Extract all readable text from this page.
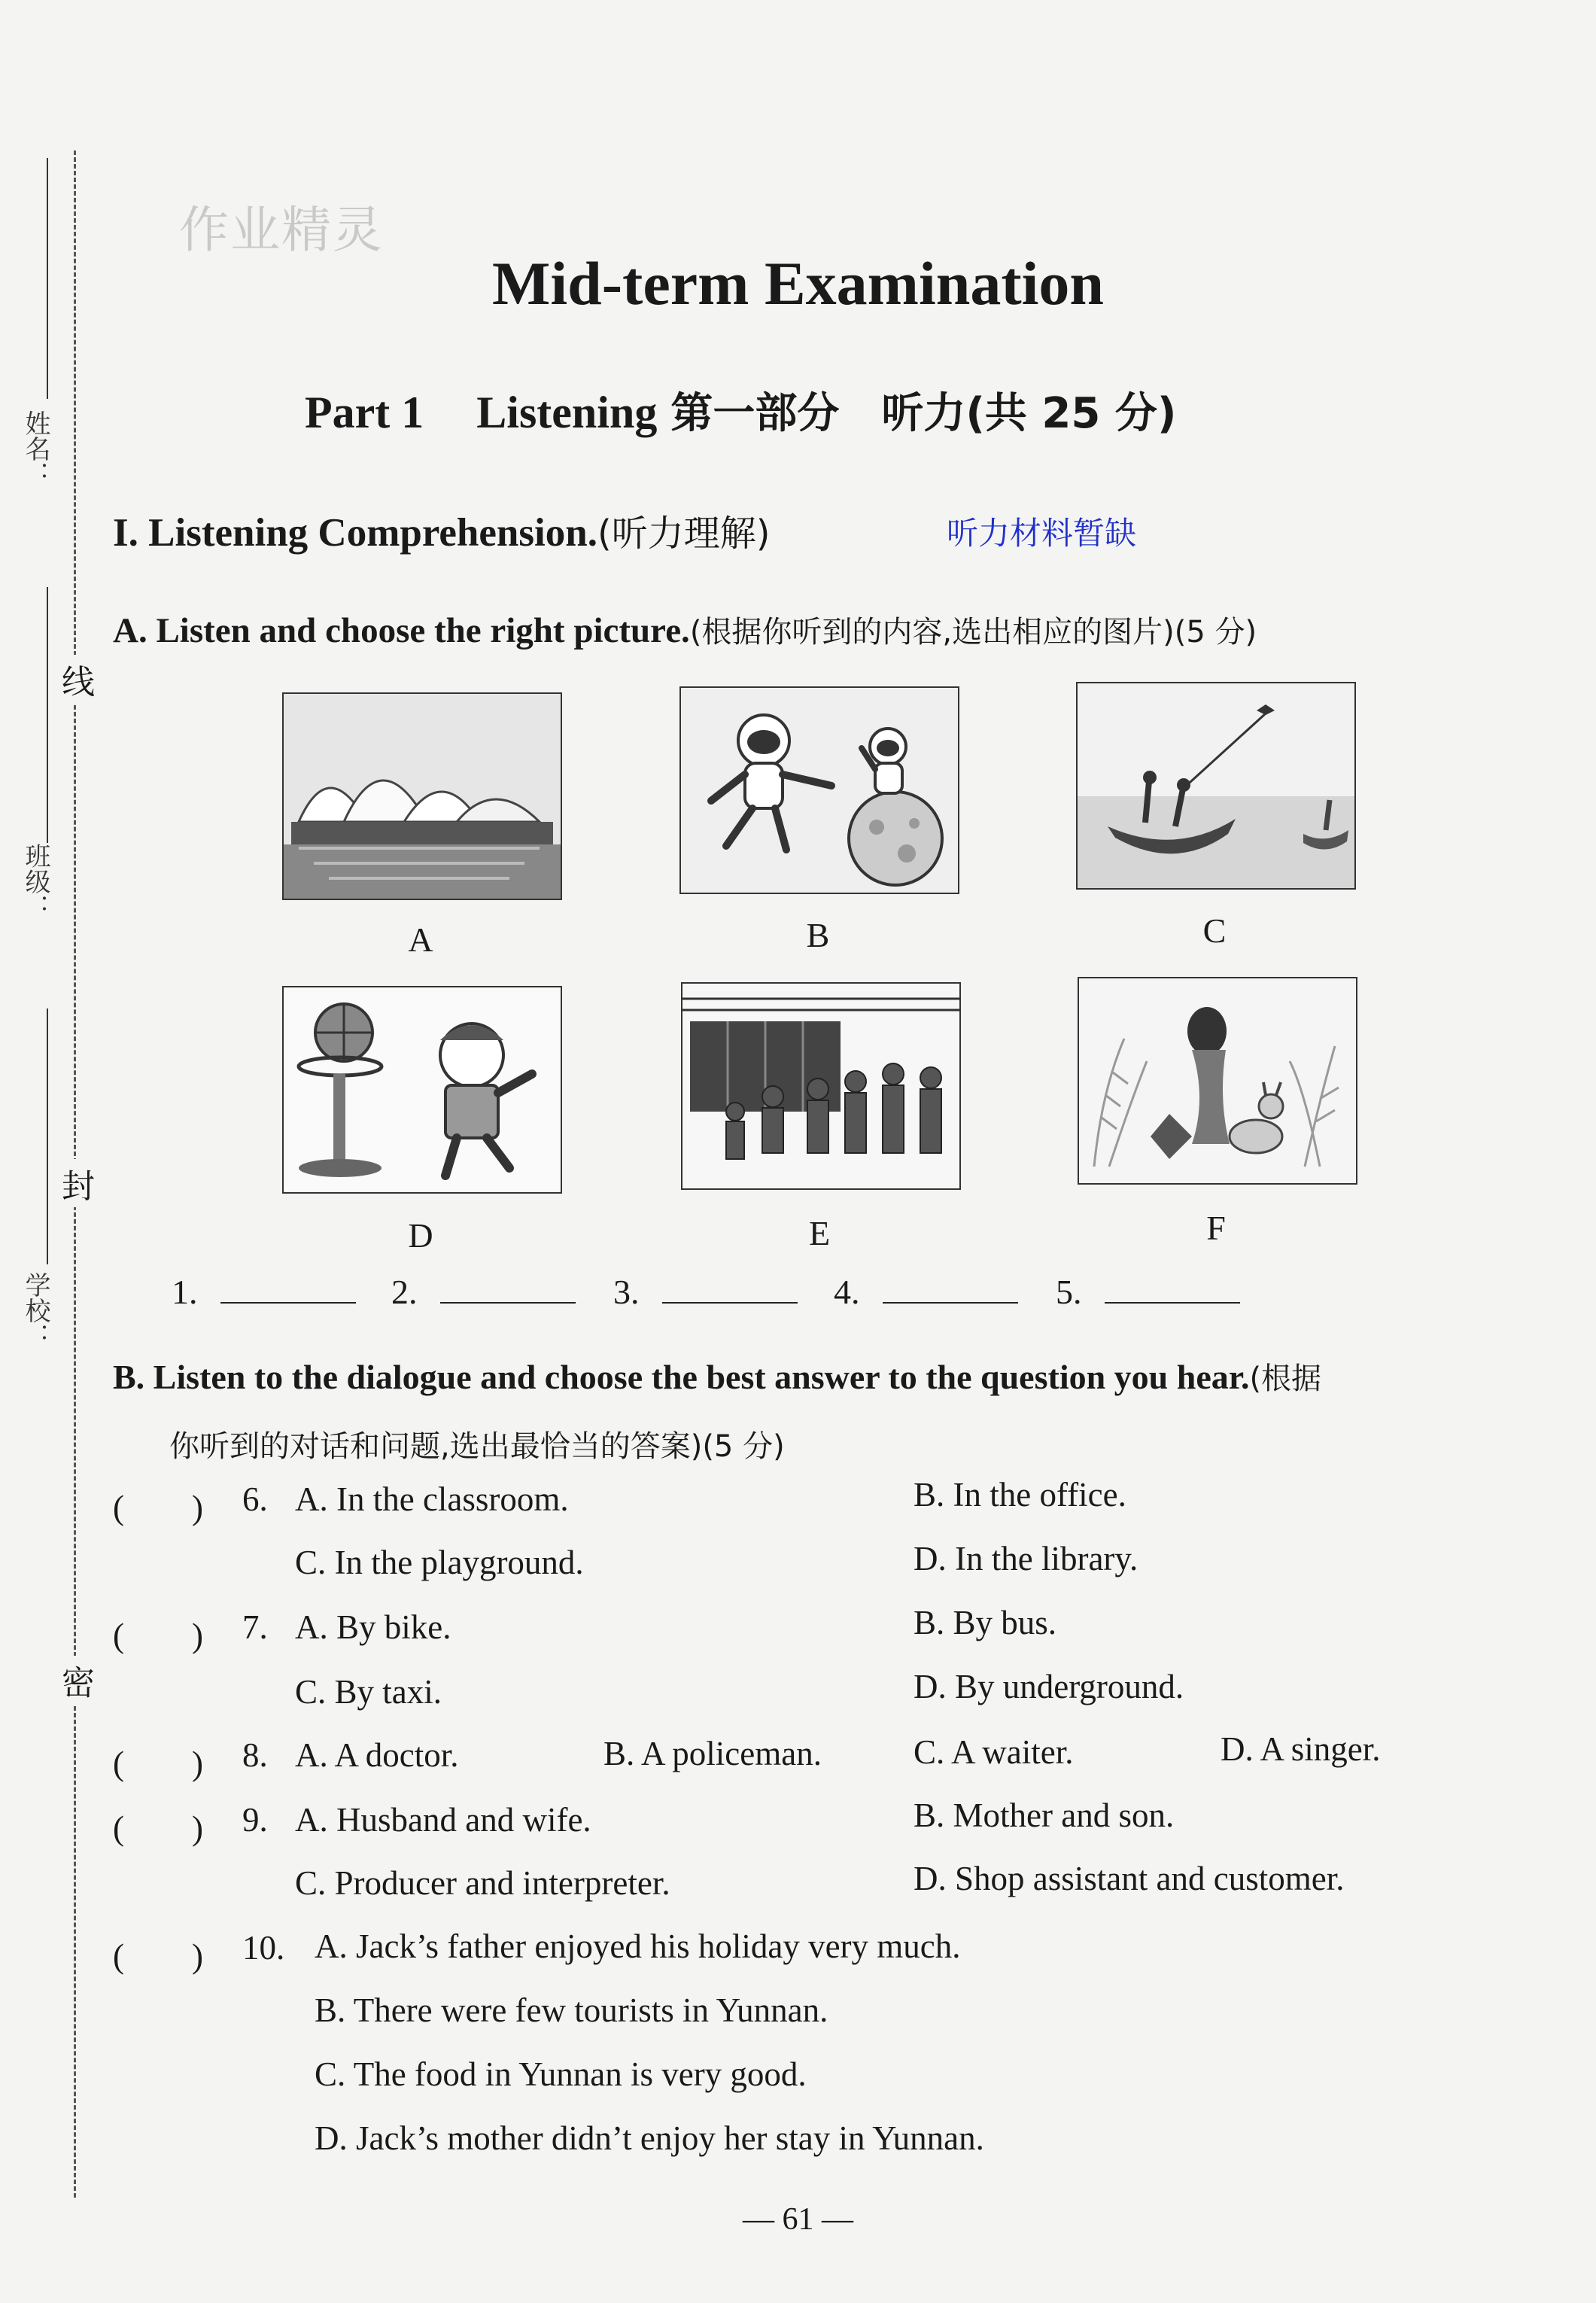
姓名：
班级：
学校：
线
封
密
作业精灵
Mid-term Examination
Part 1 Listening 第一部分　听力(共 25 分)
I. Listening Comprehension.(听力理解)	听力材料暂缺
A. Listen and choose the right picture.(根据你听到的内容,选出相应的图片)(5 分)
A	B	C
D	E	F
1.	2.	3.	4.	5.
B. Listen to the dialogue and choose the best answer to the question you hear.(根据
你听到的对话和问题,选出最恰当的答案)(5 分)
(　　) 6. A. In the classroom.	B. In the office.
C. In the playground.	D. In the library.
(　　) 7. A. By bike.	B. By bus.
C. By taxi.	D. By underground.
(　　) 8. A. A doctor.	B. A policeman.	C. A waiter.	D. A singer.
(　　) 9. A. Husband and wife.	B. Mother and son.
C. Producer and interpreter.	D. Shop assistant and customer.
(　　) 10. A. Jack’s father enjoyed his holiday very much.
B. There were few tourists in Yunnan.
C. The food in Yunnan is very good.
D. Jack’s mother didn’t enjoy her stay in Yunnan.
— 61 —
